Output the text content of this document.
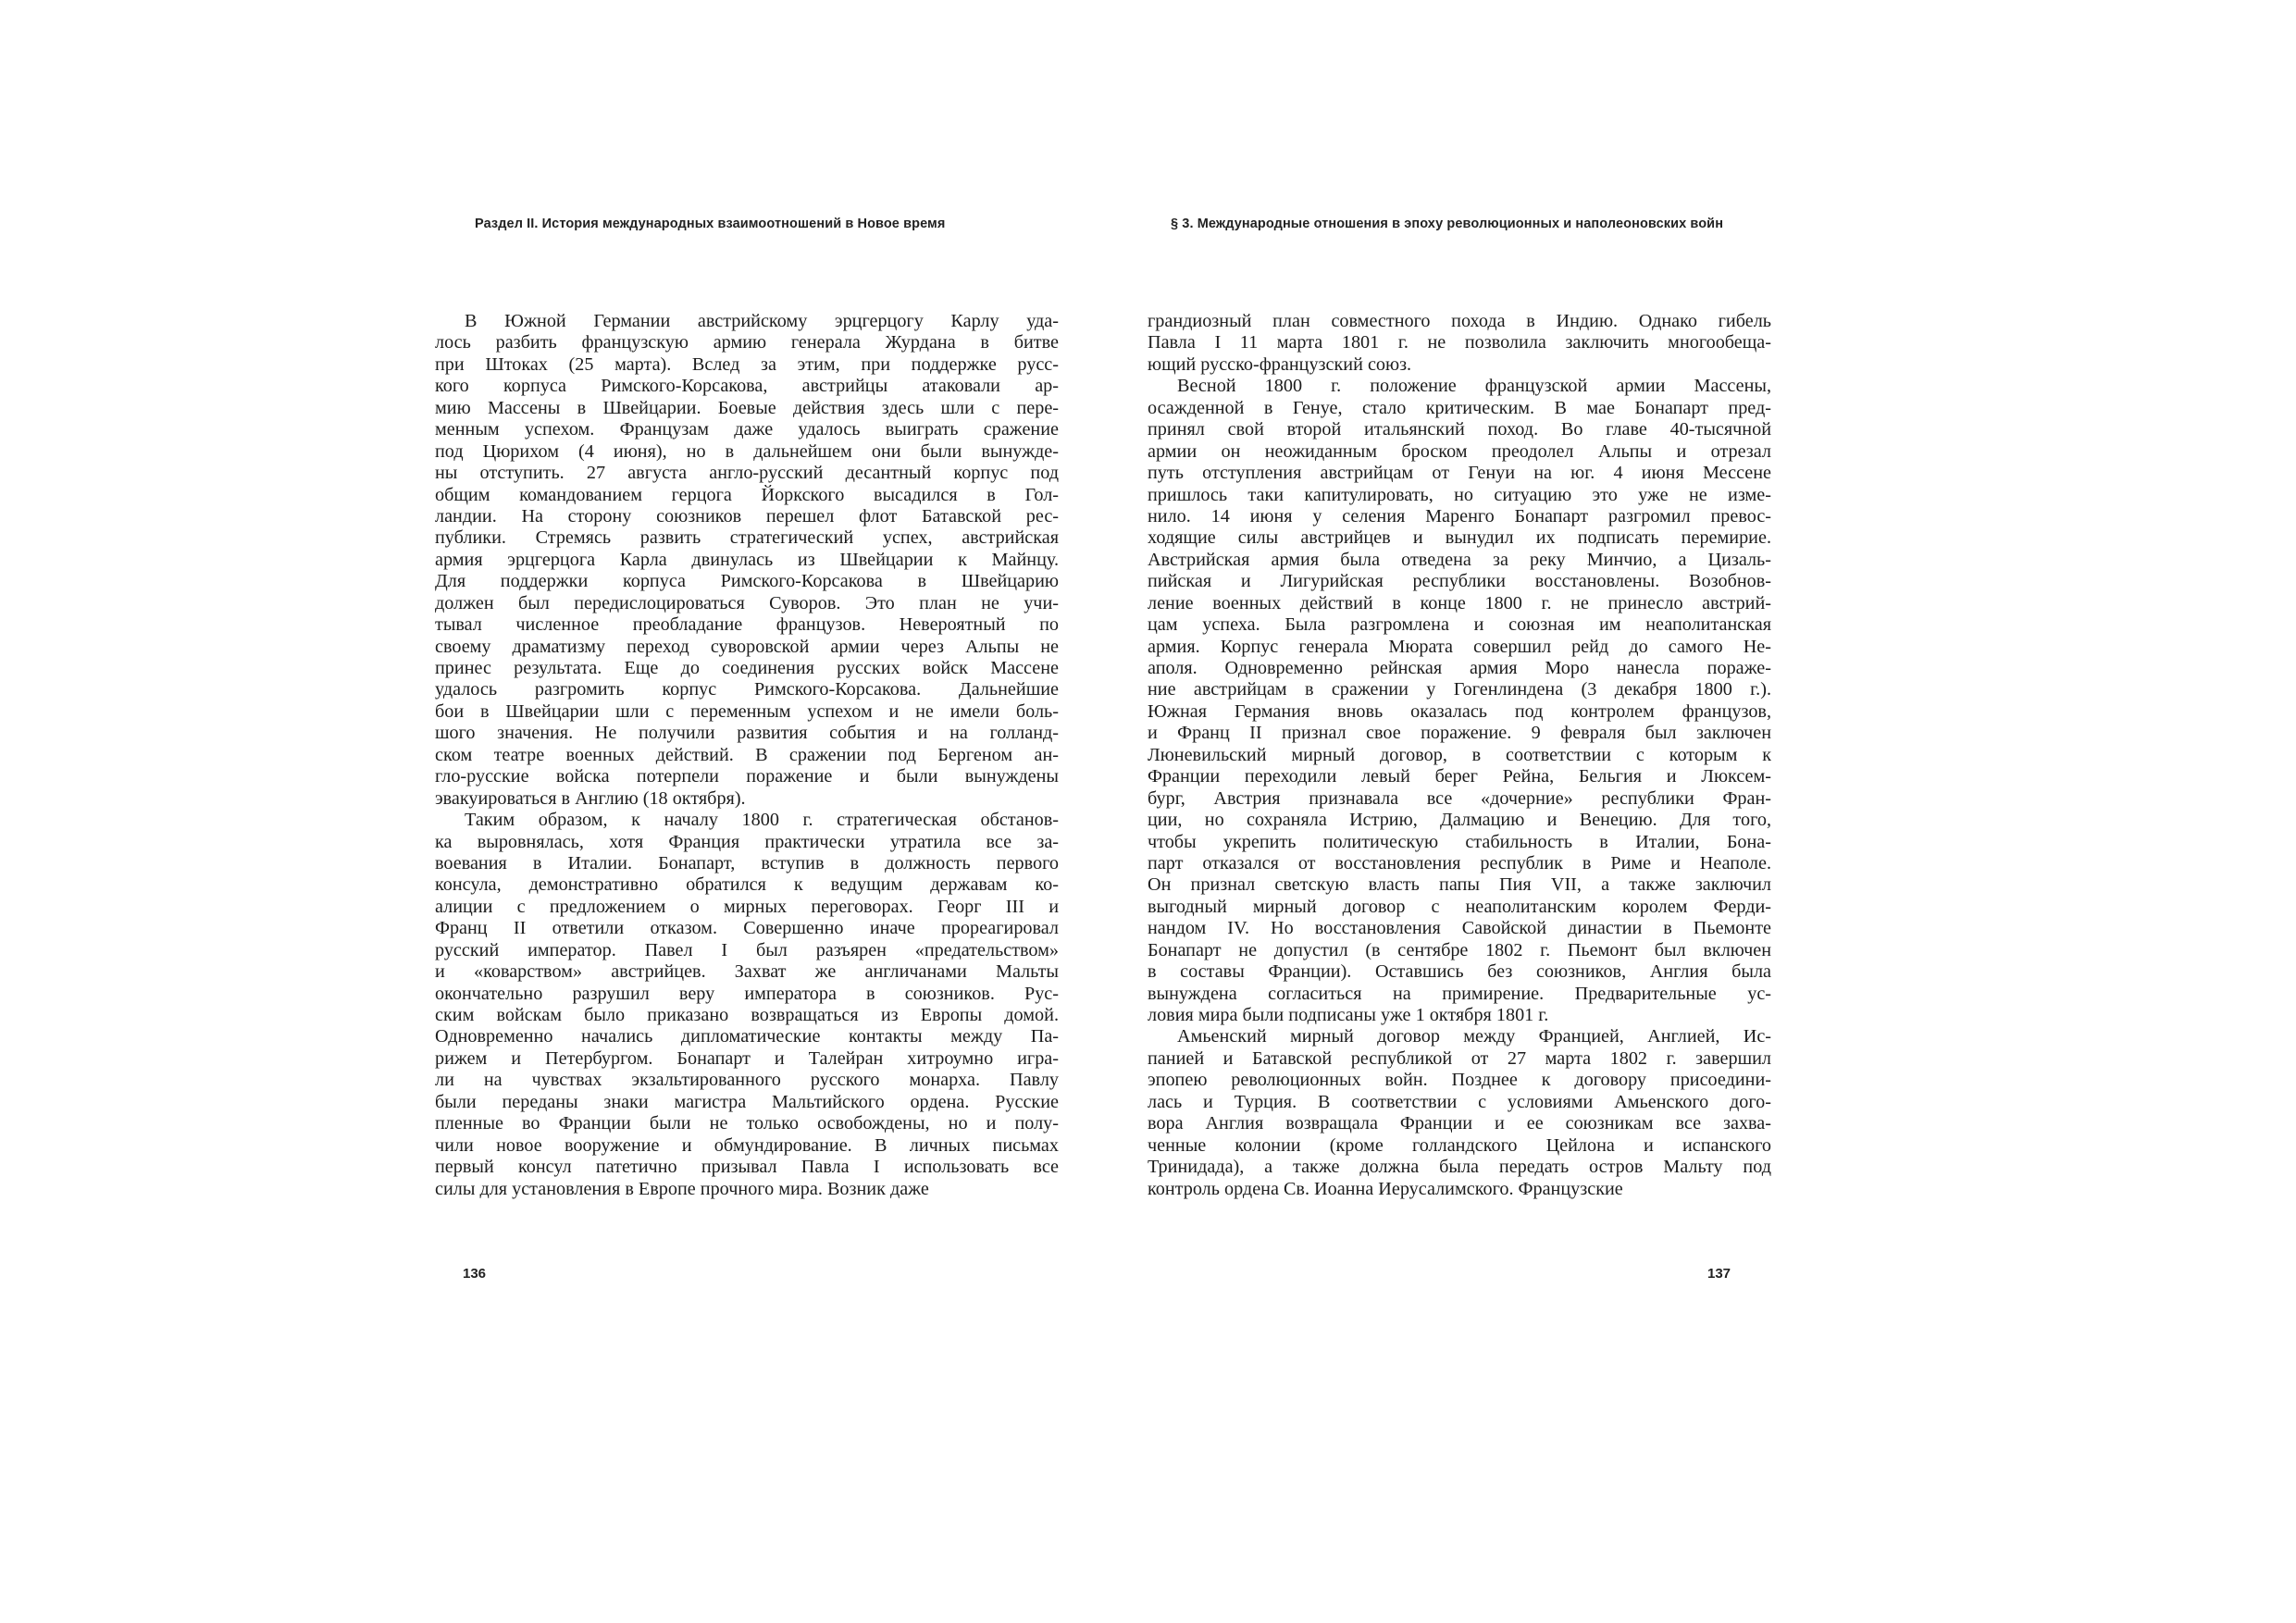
Раздел II. История международных взаимоотношений в Новое время	§ 3. Международные отношения в эпоху революционных и наполеоновских войн
В Южной Германии австрийскому эрцгерцогу Карлу уда-
лось разбить французскую армию генерала Журдана в битве
при Штоках (25 марта). Вслед за этим, при поддержке русс-
кого корпуса Римского-Корсакова, австрийцы атаковали ар-
мию Массены в Швейцарии. Боевые действия здесь шли с пере-
менным успехом. Французам даже удалось выиграть сражение
под Цюрихом (4 июня), но в дальнейшем они были вынужде-
ны отступить. 27 августа англо-русский десантный корпус под
общим командованием герцога Йоркского высадился в Гол-
ландии. На сторону союзников перешел флот Батавской рес-
публики. Стремясь развить стратегический успех, австрийская
армия эрцгерцога Карла двинулась из Швейцарии к Майнцу.
Для поддержки корпуса Римского-Корсакова в Швейцарию
должен был передислоцироваться Суворов. Это план не учи-
тывал численное преобладание французов. Невероятный по
своему драматизму переход суворовской армии через Альпы не
принес результата. Еще до соединения русских войск Массене
удалось разгромить корпус Римского-Корсакова. Дальнейшие
бои в Швейцарии шли с переменным успехом и не имели боль-
шого значения. Не получили развития события и на голланд-
ском театре военных действий. В сражении под Бергеном ан-
гло-русские войска потерпели поражение и были вынуждены
эвакуироваться в Англию (18 октября).
Таким образом, к началу 1800 г. стратегическая обстанов-
ка выровнялась, хотя Франция практически утратила все за-
воевания в Италии. Бонапарт, вступив в должность первого
консула, демонстративно обратился к ведущим державам ко-
алиции с предложением о мирных переговорах. Георг III и
Франц II ответили отказом. Совершенно иначе прореагировал
русский император. Павел I был разъярен «предательством»
и «коварством» австрийцев. Захват же англичанами Мальты
окончательно разрушил веру императора в союзников. Рус-
ским войскам было приказано возвращаться из Европы домой.
Одновременно начались дипломатические контакты между Па-
рижем и Петербургом. Бонапарт и Талейран хитроумно игра-
ли на чувствах экзальтированного русского монарха. Павлу
были переданы знаки магистра Мальтийского ордена. Русские
пленные во Франции были не только освобождены, но и полу-
чили новое вооружение и обмундирование. В личных письмах
первый консул патетично призывал Павла I использовать все
силы для установления в Европе прочного мира. Возник даже
грандиозный план совместного похода в Индию. Однако гибель
Павла I 11 марта 1801 г. не позволила заключить многообеща-
ющий русско-французский союз.
Весной 1800 г. положение французской армии Массены,
осажденной в Генуе, стало критическим. В мае Бонапарт пред-
принял свой второй итальянский поход. Во главе 40-тысячной
армии он неожиданным броском преодолел Альпы и отрезал
путь отступления австрийцам от Генуи на юг. 4 июня Мессене
пришлось таки капитулировать, но ситуацию это уже не изме-
нило. 14 июня у селения Маренго Бонапарт разгромил превос-
ходящие силы австрийцев и вынудил их подписать перемирие.
Австрийская армия была отведена за реку Минчио, а Цизаль-
пийская и Лигурийская республики восстановлены. Возобнов-
ление военных действий в конце 1800 г. не принесло австрий-
цам успеха. Была разгромлена и союзная им неаполитанская
армия. Корпус генерала Мюрата совершил рейд до самого Не-
аполя. Одновременно рейнская армия Моро нанесла пораже-
ние австрийцам в сражении у Гогенлиндена (3 декабря 1800 г.).
Южная Германия вновь оказалась под контролем французов,
и Франц II признал свое поражение. 9 февраля был заключен
Люневильский мирный договор, в соответствии с которым к
Франции переходили левый берег Рейна, Бельгия и Люксем-
бург, Австрия признавала все «дочерние» республики Фран-
ции, но сохраняла Истрию, Далмацию и Венецию. Для того,
чтобы укрепить политическую стабильность в Италии, Бона-
парт отказался от восстановления республик в Риме и Неаполе.
Он признал светскую власть папы Пия VII, а также заключил
выгодный мирный договор с неаполитанским королем Ферди-
нандом IV. Но восстановления Савойской династии в Пьемонте
Бонапарт не допустил (в сентябре 1802 г. Пьемонт был включен
в составы Франции). Оставшись без союзников, Англия была
вынуждена согласиться на примирение. Предварительные ус-
ловия мира были подписаны уже 1 октября 1801 г.
Амьенский мирный договор между Францией, Англией, Ис-
панией и Батавской республикой от 27 марта 1802 г. завершил
эпопею революционных войн. Позднее к договору присоедини-
лась и Турция. В соответствии с условиями Амьенского дого-
вора Англия возвращала Франции и ее союзникам все захва-
ченные колонии (кроме голландского Цейлона и испанского
Тринидада), а также должна была передать остров Мальту под
контроль ордена Св. Иоанна Иерусалимского. Французские
136	137
